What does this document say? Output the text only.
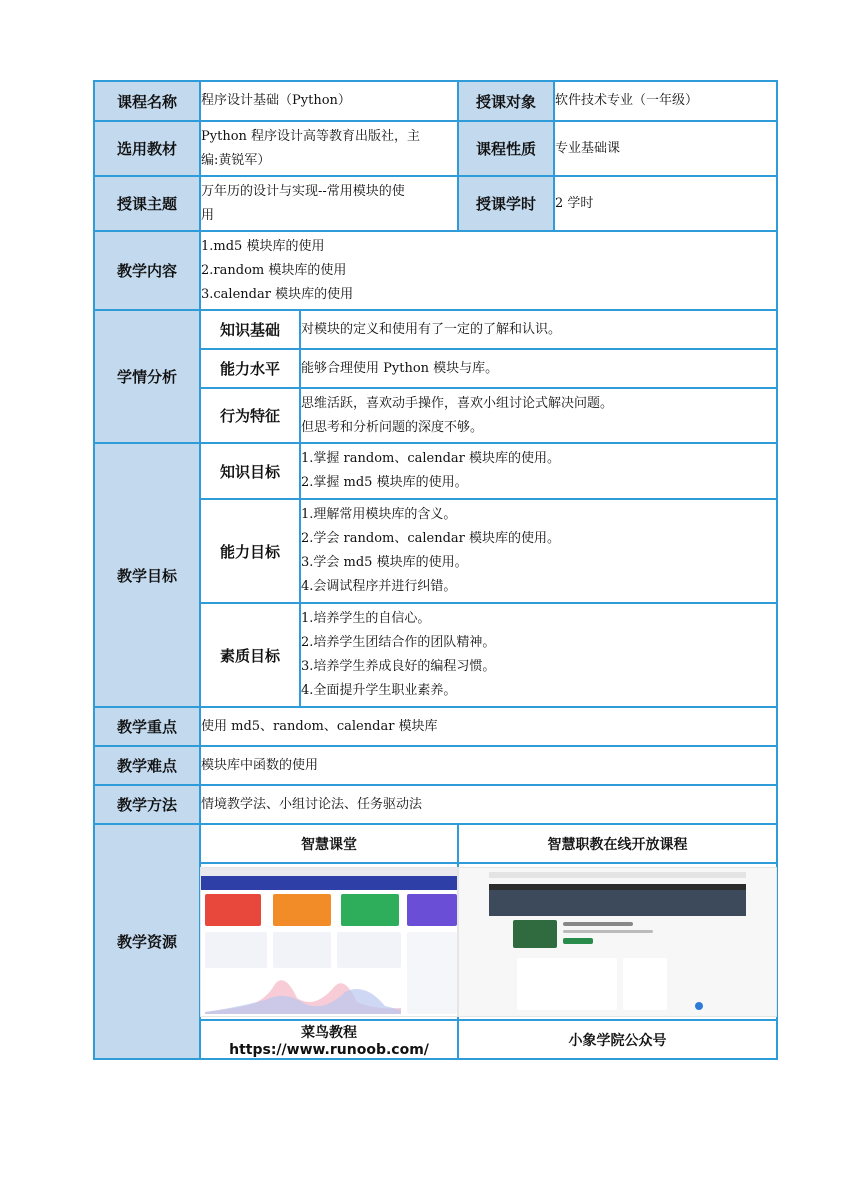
课程名称	程序设计基础（Python）		授课对象	软件技术专业（一年级）
选用教材	Python 程序设计高等教育出版社，主
编:黄锐军）		课程性质	专业基础课
授课主题	万年历的设计与实现--常用模块的使
用		授课学时	2 学时
教学内容	1.md5 模块库的使用
2.random 模块库的使用
3.calendar 模块库的使用			

学情分析	知识基础	对模块的定义和使用有了一定的了解和认识。		

	能力水平	能够合理使用 Python 模块与库。		

	行为特征	思维活跃，喜欢动手操作，喜欢小组讨论式解决问题。
但思考和分析问题的深度不够。		

教学目标	知识目标	1.掌握 random、calendar 模块库的使用。
2.掌握 md5 模块库的使用。		

	能力目标	1.理解常用模块库的含义。
2.学会 random、calendar 模块库的使用。
3.学会 md5 模块库的使用。
4.会调试程序并进行纠错。		

	素质目标	1.培养学生的自信心。
2.培养学生团结合作的团队精神。
3.培养学生养成良好的编程习惯。
4.全面提升学生职业素养。		

教学重点	使用 md5、random、calendar 模块库			
教学难点	模块库中函数的使用			
教学方法	情境教学法、小组讨论法、任务驱动法			
教学资源	智慧课堂		智慧职教在线开放课程	

	菜鸟教程 https://www.runoob.com/		小象学院公众号	
